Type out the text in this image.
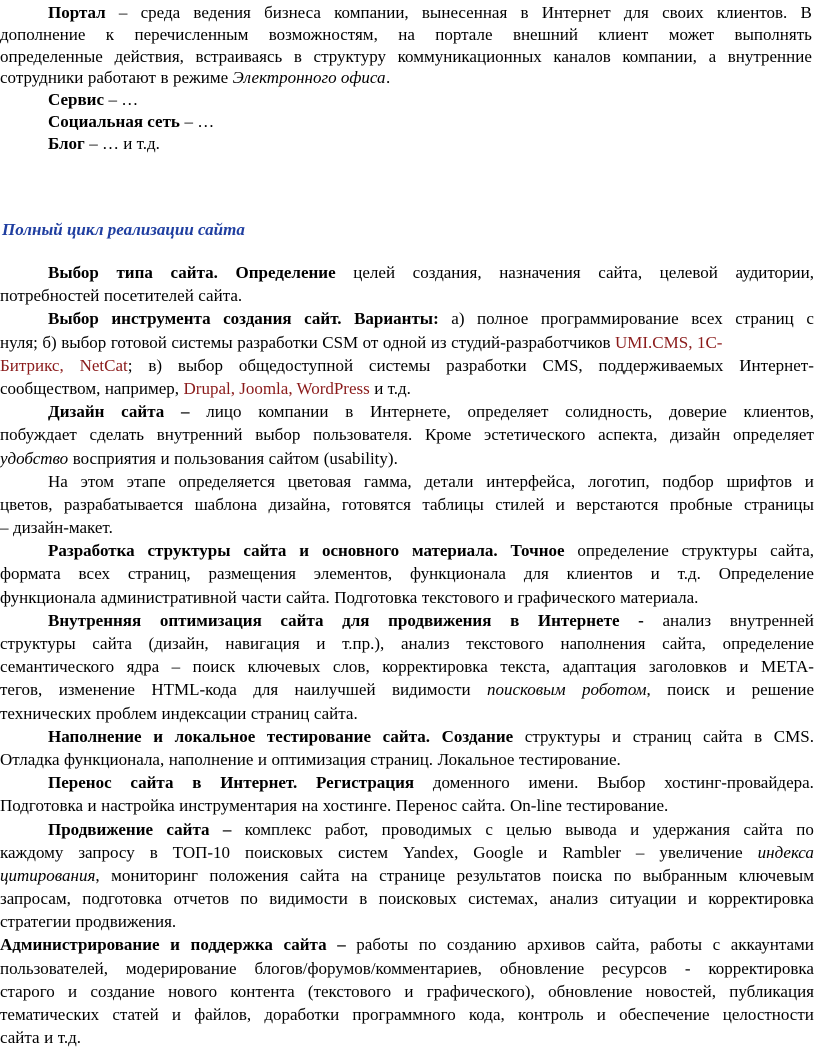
Портал – среда ведения бизнеса компании, вынесенная в Интернет для своих клиентов. В
дополнение к перечисленным возможностям, на портале внешний клиент может выполнять
определенные действия, встраиваясь в структуру коммуникационных каналов компании, а внутренние
сотрудники работают в режиме Электронного офиса .
Сервис – …
Социальная сеть – …
Блог – … и т.д.
Полный цикл реализации сайта
Выбор типа сайта. Определение целей создания, назначения сайта, целевой аудитории,
потребностей посетителей сайта.
Выбор инструмента создания сайт. Варианты: а) полное программирование всех страниц с
нуля; б) выбор готовой системы разработки CSM от одной из студий-разработчиков UMI.CMS, 1С-
Битрикс, NetCat; в) выбор общедоступной системы разработки CMS, поддерживаемых Интернет-
сообществом, например, Drupal, Joomla, WordPress и т.д.
Дизайн сайта – лицо компании в Интернете, определяет солидность, доверие клиентов,
побуждает сделать внутренний выбор пользователя. Кроме эстетического аспекта, дизайн определяет
удобство восприятия и пользования сайтом (usability).
На этом этапе определяется цветовая гамма, детали интерфейса, логотип, подбор шрифтов и
цветов, разрабатывается шаблона дизайна, готовятся таблицы стилей и верстаются пробные страницы
– дизайн-макет.
Разработка структуры сайта и основного материала. Точное определение структуры сайта,
формата всех страниц, размещения элементов, функционала для клиентов и т.д. Определение
функционала административной части сайта. Подготовка текстового и графического материала.
Внутренняя оптимизация сайта для продвижения в Интернете - анализ внутренней
структуры сайта (дизайн, навигация и т.пр.), анализ текстового наполнения сайта, определение
семантического ядра – поиск ключевых слов, корректировка текста, адаптация заголовков и МЕТА-
тегов, изменение HTML-кода для наилучшей видимости поисковым роботом, поиск и решение
технических проблем индексации страниц сайта.
Наполнение и локальное тестирование сайта. Создание структуры и страниц сайта в CMS.
Отладка функционала, наполнение и оптимизация страниц. Локальное тестирование.
Перенос сайта в Интернет. Регистрация доменного имени. Выбор хостинг-провайдера.
Подготовка и настройка инструментария на хостинге. Перенос сайта. On-line тестирование.
Продвижение сайта – комплекс работ, проводимых с целью вывода и удержания сайта по
каждому запросу в ТОП-10 поисковых систем Yandex, Google и Rambler – увеличение индекса
цитирования, мониторинг положения сайта на странице результатов поиска по выбранным ключевым
запросам, подготовка отчетов по видимости в поисковых системах, анализ ситуации и корректировка
стратегии продвижения.
Администрирование и поддержка сайта – работы по созданию архивов сайта, работы с аккаунтами
пользователей, модерирование блогов/форумов/комментариев, обновление ресурсов - корректировка
старого и создание нового контента (текстового и графического), обновление новостей, публикация
тематических статей и файлов, доработки программного кода, контроль и обеспечение целостности
сайта и т.д.
